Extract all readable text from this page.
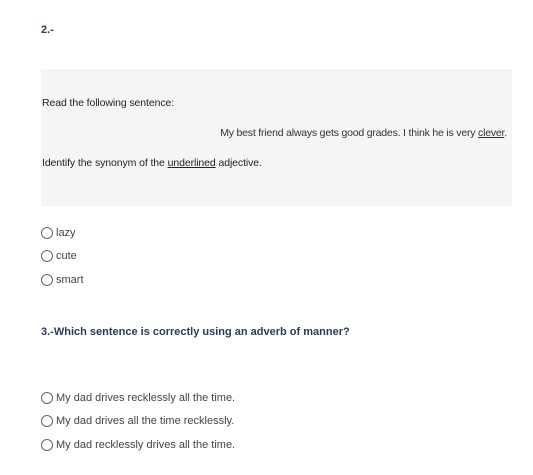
2.-
Read the following sentence:
My best friend always gets good grades. I think he is very clever.
Identify the synonym of the underlined adjective.
lazy
cute
smart
3.-Which sentence is correctly using an adverb of manner?
My dad drives recklessly all the time.
My dad drives all the time recklessly.
My dad recklessly drives all the time.
